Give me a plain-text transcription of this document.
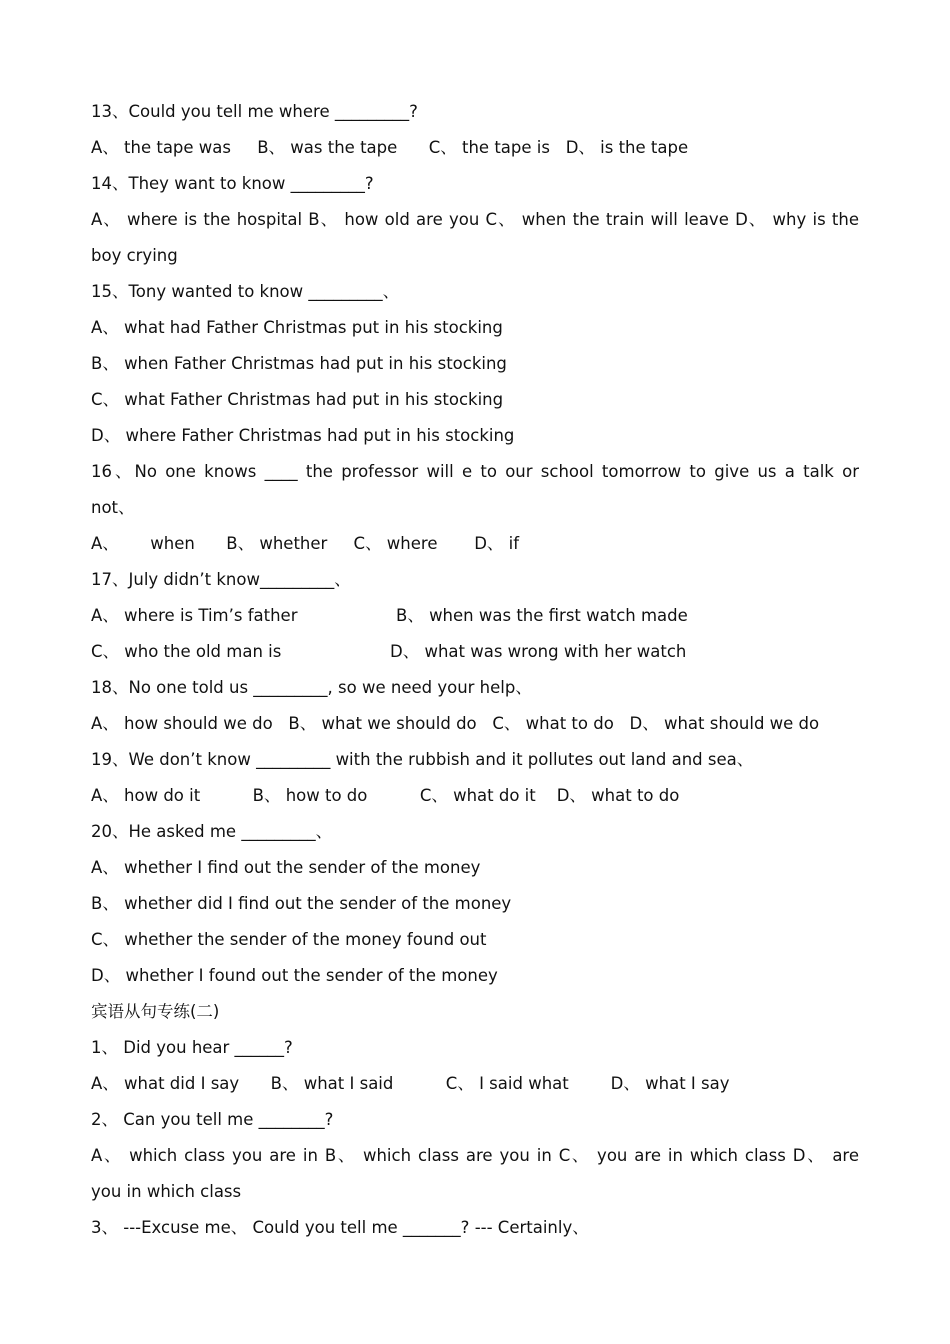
13、Could you tell me where _________?
A、 the tape was     B、 was the tape      C、 the tape is   D、 is the tape
14、They want to know _________?
A、 where is the hospital B、 how old are you C、 when the train will leave D、 why is the
boy crying
15、Tony wanted to know _________、
A、 what had Father Christmas put in his stocking
B、 when Father Christmas had put in his stocking
C、 what Father Christmas had put in his stocking
D、 where Father Christmas had put in his stocking
16、No one knows ____ the professor will e to our school tomorrow to give us a talk or
not、
A、      when      B、 whether     C、 where       D、 if
17、July didn’t know_________、
A、 where is Tim’s father	B、 when was the first watch made
C、 who the old man is	D、 what was wrong with her watch
18、No one told us _________, so we need your help、
A、 how should we do   B、 what we should do   C、 what to do   D、 what should we do
19、We don’t know _________ with the rubbish and it pollutes out land and sea、
A、 how do it          B、 how to do          C、 what do it    D、 what to do
20、He asked me _________、
A、 whether I find out the sender of the money
B、 whether did I find out the sender of the money
C、 whether the sender of the money found out
D、 whether I found out the sender of the money
宾语从句专练(二)
1、 Did you hear ______?
A、 what did I say      B、 what I said          C、 I said what        D、 what I say
2、 Can you tell me ________?
A、 which class you are in B、 which class are you in C、 you are in which class D、 are
you in which class
3、 ---Excuse me、 Could you tell me _______? --- Certainly、
